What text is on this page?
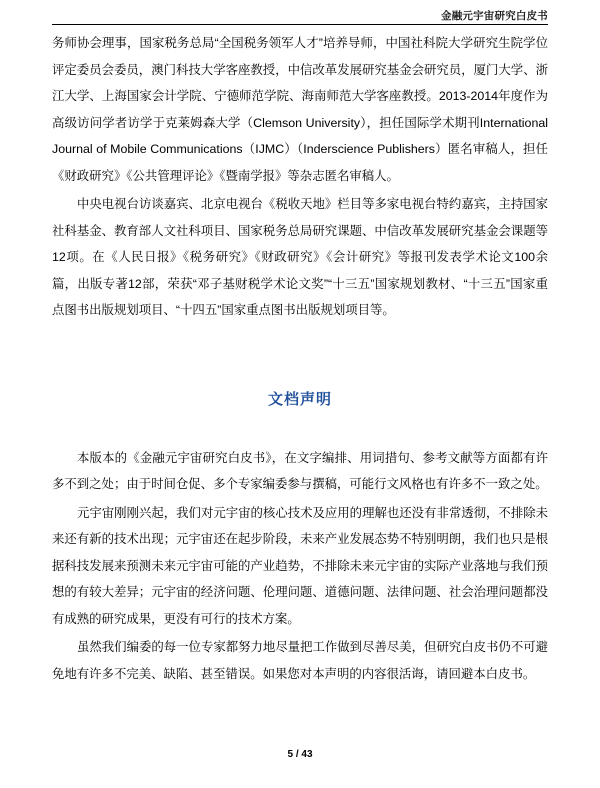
金融元宇宙研究白皮书

务师协会理事，国家税务总局“全国税务领军人才”培养导师，中国社科院大学研究生院学位评定委员会委员，澳门科技大学客座教授，中信改革发展研究基金会研究员，厦门大学、浙江大学、上海国家会计学院、宁德师范学院、海南师范大学客座教授。2013-2014年度作为高级访问学者访学于克莱姆森大学（Clemson University），担任国际学术期刊International Journal of Mobile Communications（IJMC）（Inderscience Publishers）匿名审稿人，担任《财政研究》《公共管理评论》《暨南学报》等杂志匿名审稿人。

中央电视台访谈嘉宾、北京电视台《税收天地》栏目等多家电视台特约嘉宾，主持国家社科基金、教育部人文社科项目、国家税务总局研究课题、中信改革发展研究基金会课题等12项。在《人民日报》《税务研究》《财政研究》《会计研究》等报刊发表学术论文100余篇，出版专著12部，荣获“邓子基财税学术论文奖”“十三五”国家规划教材、“十三五”国家重点图书出版规划项目、“十四五”国家重点图书出版规划项目等。

文档声明

本版本的《金融元宇宙研究白皮书》，在文字编排、用词措句、参考文献等方面都有许多不到之处；由于时间仓促、多个专家编委参与撰稿，可能行文风格也有许多不一致之处。

元宇宙刚刚兴起，我们对元宇宙的核心技术及应用的理解也还没有非常透彻，不排除未来还有新的技术出现；元宇宙还在起步阶段，未来产业发展态势不特别明朗，我们也只是根据科技发展来预测未来元宇宙可能的产业趋势，不排除未来元宇宙的实际产业落地与我们预想的有较大差异；元宇宙的经济问题、伦理问题、道德问题、法律问题、社会治理问题都没有成熟的研究成果，更没有可行的技术方案。

虽然我们编委的每一位专家都努力地尽量把工作做到尽善尽美，但研究白皮书仍不可避免地有许多不完美、缺陷、甚至错误。如果您对本声明的内容很活诲，请回避本白皮书。

5 / 43
